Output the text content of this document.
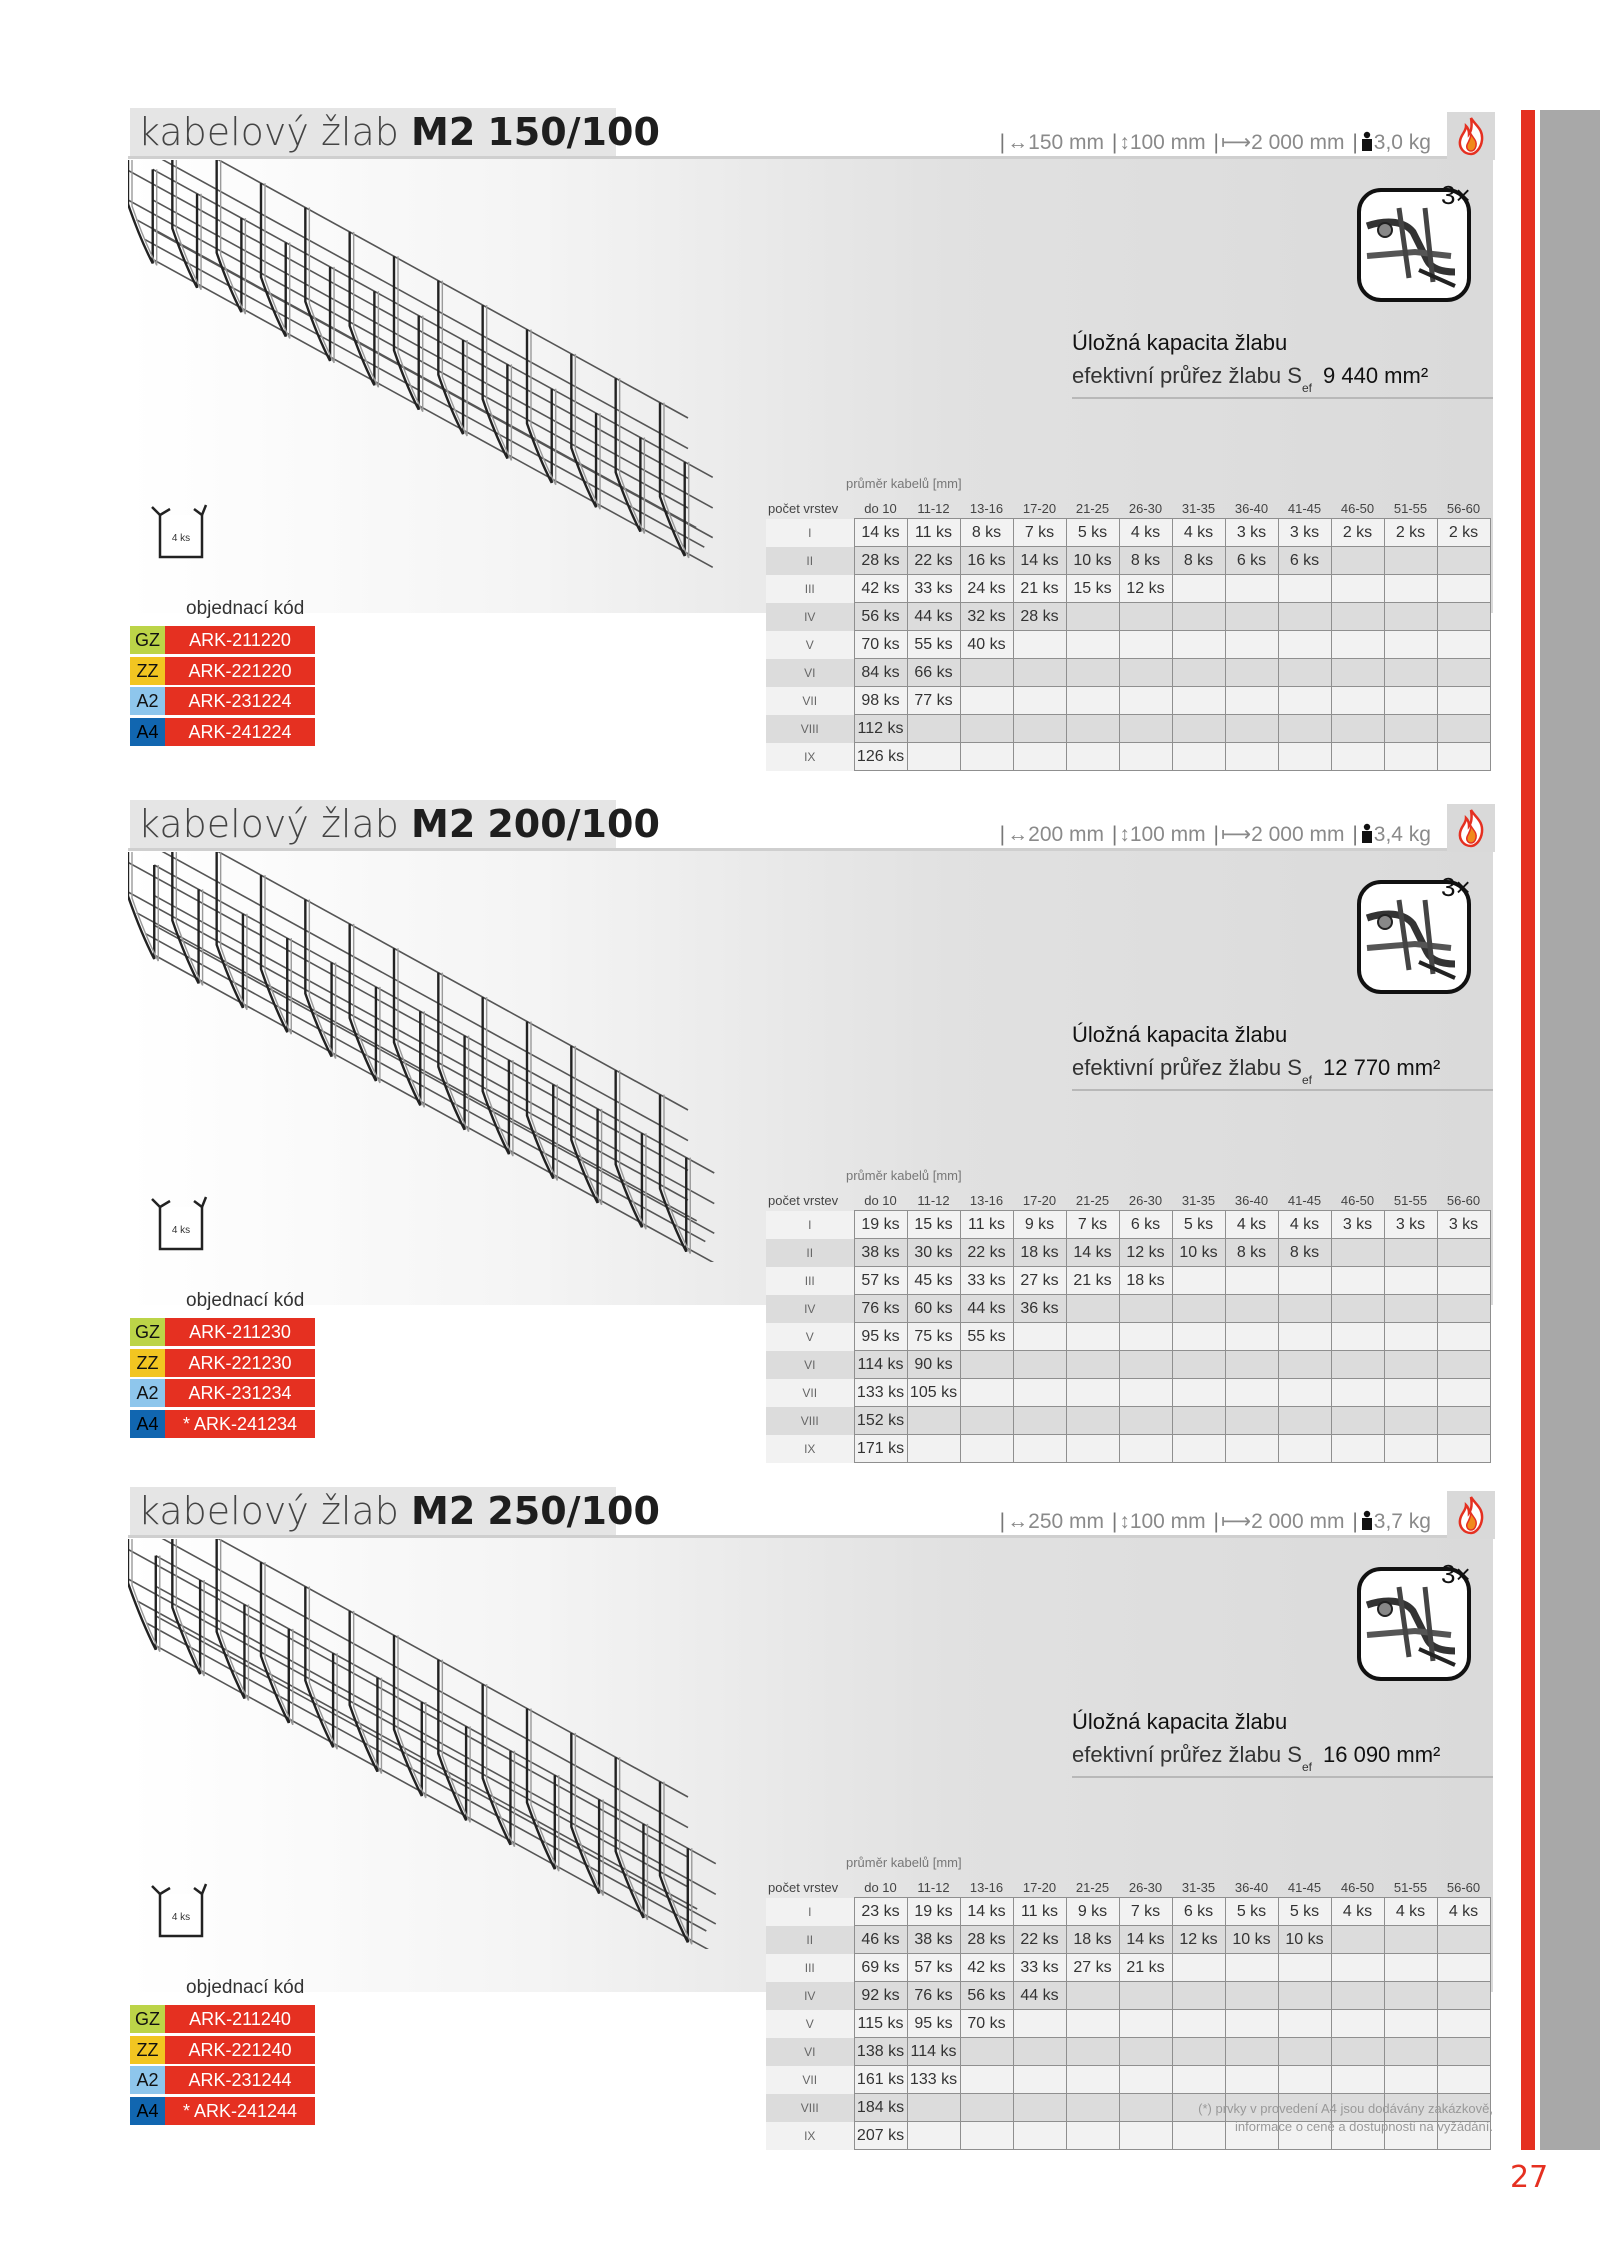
kabelový žlab M2 150/100	|↔150 mm |↕100 mm |⟼2 000 mm | 3,0 kg
3×
Úložná kapacita žlabu
efektivní průřez žlabu S ef 9 440 mm²
4 ks
objednací kód
GZ	ARK-211220
ZZ	ARK-221220
A2	ARK-231224
A4	ARK-241224
průměr kabelů [mm]
počet vrstev	do 10	11-12	13-16	17-20	21-25	26-30	31-35	36-40	41-45	46-50	51-55	56-60
I	14 ks	11 ks	8 ks	7 ks	5 ks	4 ks	4 ks	3 ks	3 ks	2 ks	2 ks	2 ks
II	28 ks	22 ks	16 ks	14 ks	10 ks	8 ks	8 ks	6 ks	6 ks			
III	42 ks	33 ks	24 ks	21 ks	15 ks	12 ks						
IV	56 ks	44 ks	32 ks	28 ks								
V	70 ks	55 ks	40 ks									
VI	84 ks	66 ks										
VII	98 ks	77 ks										
VIII	112 ks											
IX	126 ks											
kabelový žlab M2 200/100	|↔200 mm |↕100 mm |⟼2 000 mm | 3,4 kg
3×
Úložná kapacita žlabu
efektivní průřez žlabu S ef 12 770 mm²
4 ks
objednací kód
GZ	ARK-211230
ZZ	ARK-221230
A2	ARK-231234
A4	* ARK-241234
průměr kabelů [mm]
počet vrstev	do 10	11-12	13-16	17-20	21-25	26-30	31-35	36-40	41-45	46-50	51-55	56-60
I	19 ks	15 ks	11 ks	9 ks	7 ks	6 ks	5 ks	4 ks	4 ks	3 ks	3 ks	3 ks
II	38 ks	30 ks	22 ks	18 ks	14 ks	12 ks	10 ks	8 ks	8 ks			
III	57 ks	45 ks	33 ks	27 ks	21 ks	18 ks						
IV	76 ks	60 ks	44 ks	36 ks								
V	95 ks	75 ks	55 ks									
VI	114 ks	90 ks										
VII	133 ks	105 ks										
VIII	152 ks											
IX	171 ks											
kabelový žlab M2 250/100	|↔250 mm |↕100 mm |⟼2 000 mm | 3,7 kg
3×
Úložná kapacita žlabu
efektivní průřez žlabu S ef 16 090 mm²
4 ks
objednací kód
GZ	ARK-211240
ZZ	ARK-221240
A2	ARK-231244
A4	* ARK-241244
průměr kabelů [mm]
počet vrstev	do 10	11-12	13-16	17-20	21-25	26-30	31-35	36-40	41-45	46-50	51-55	56-60
I	23 ks	19 ks	14 ks	11 ks	9 ks	7 ks	6 ks	5 ks	5 ks	4 ks	4 ks	4 ks
II	46 ks	38 ks	28 ks	22 ks	18 ks	14 ks	12 ks	10 ks	10 ks			
III	69 ks	57 ks	42 ks	33 ks	27 ks	21 ks						
IV	92 ks	76 ks	56 ks	44 ks								
V	115 ks	95 ks	70 ks									
VI	138 ks	114 ks										
VII	161 ks	133 ks										
VIII	184 ks											
IX	207 ks											
(*) prvky v provedení A4 jsou dodávány zakázkově,
informace o ceně a dostupnosti na vyžádání.
27
